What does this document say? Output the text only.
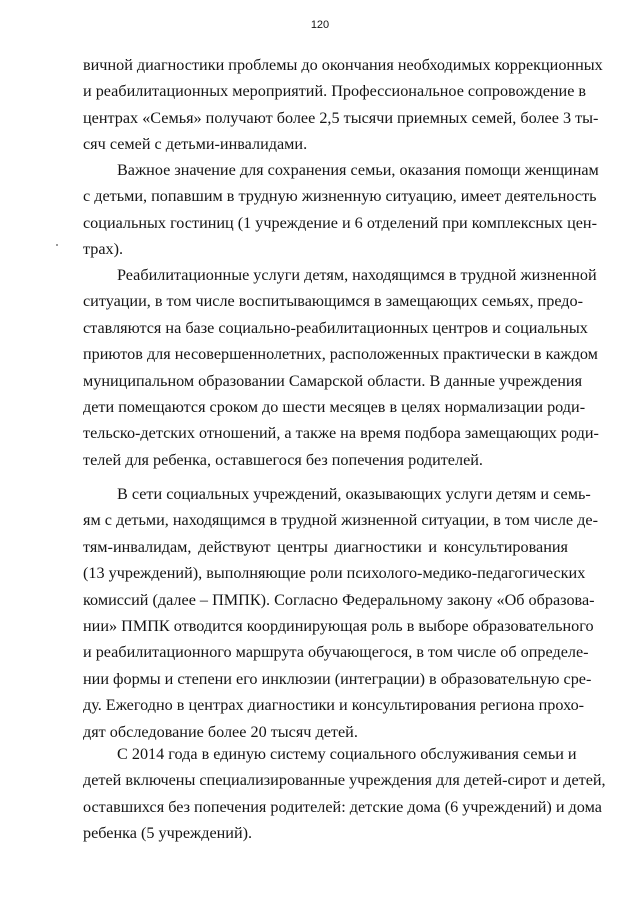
120

вичной диагностики проблемы до окончания необходимых коррекционных
и реабилитационных мероприятий. Профессиональное сопровождение в
центрах «Семья» получают более 2,5 тысячи приемных семей, более 3 ты-
сяч семей с детьми-инвалидами.

Важное значение для сохранения семьи, оказания помощи женщинам
с детьми, попавшим в трудную жизненную ситуацию, имеет деятельность
социальных гостиниц (1 учреждение и 6 отделений при комплексных цен-
трах).

Реабилитационные услуги детям, находящимся в трудной жизненной
ситуации, в том числе воспитывающимся в замещающих семьях, предо-
ставляются на базе социально-реабилитационных центров и социальных
приютов для несовершеннолетних, расположенных практически в каждом
муниципальном образовании Самарской области. В данные учреждения
дети помещаются сроком до шести месяцев в целях нормализации роди-
тельско-детских отношений, а также на время подбора замещающих роди-
телей для ребенка, оставшегося без попечения родителей.

В сети социальных учреждений, оказывающих услуги детям и семь-
ям с детьми, находящимся в трудной жизненной ситуации, в том числе де-
тям-инвалидам, действуют центры диагностики и консультирования
(13 учреждений), выполняющие роли психолого-медико-педагогических
комиссий (далее – ПМПК). Согласно Федеральному закону «Об образова-
нии» ПМПК отводится координирующая роль в выборе образовательного
и реабилитационного маршрута обучающегося, в том числе об определе-
нии формы и степени его инклюзии (интеграции) в образовательную сре-
ду. Ежегодно в центрах диагностики и консультирования региона прохо-
дят обследование более 20 тысяч детей.

С 2014 года в единую систему социального обслуживания семьи и
детей включены специализированные учреждения для детей-сирот и детей,
оставшихся без попечения родителей: детские дома (6 учреждений) и дома
ребенка (5 учреждений).
